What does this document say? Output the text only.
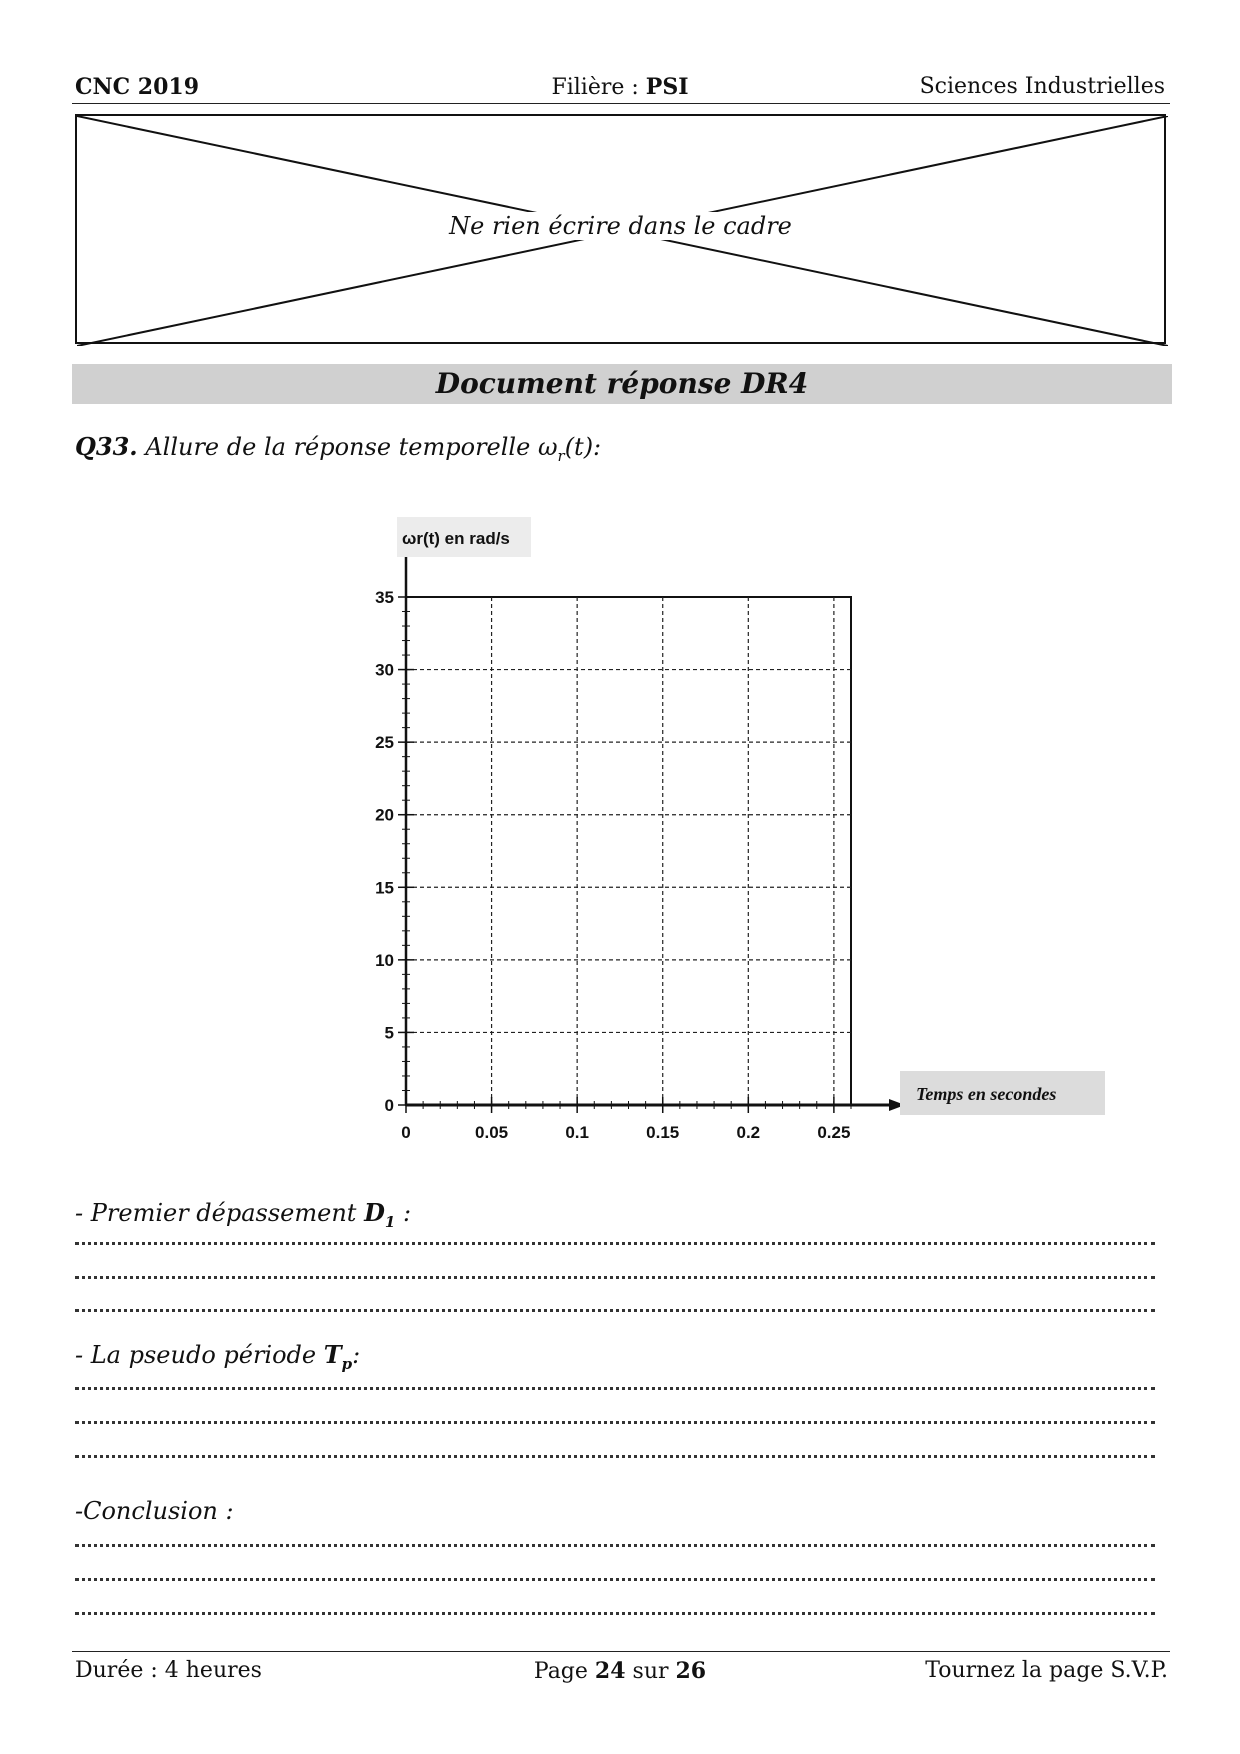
CNC 2019	Filière : PSI	Sciences Industrielles
Ne rien écrire dans le cadre
Document réponse DR4
Q33. Allure de la réponse temporelle $\omega_r(t)$:
0
5
10
15
20
25
30
35
0	0.05	0.1	0.15	0.2	0.25
ωr(t) en rad/s
Temps en secondes
- Premier dépassement $D_1$ :
- La pseudo période $T_p$:
-Conclusion :
Durée : 4 heures	Page 24 sur 26	Tournez la page S.V.P.
